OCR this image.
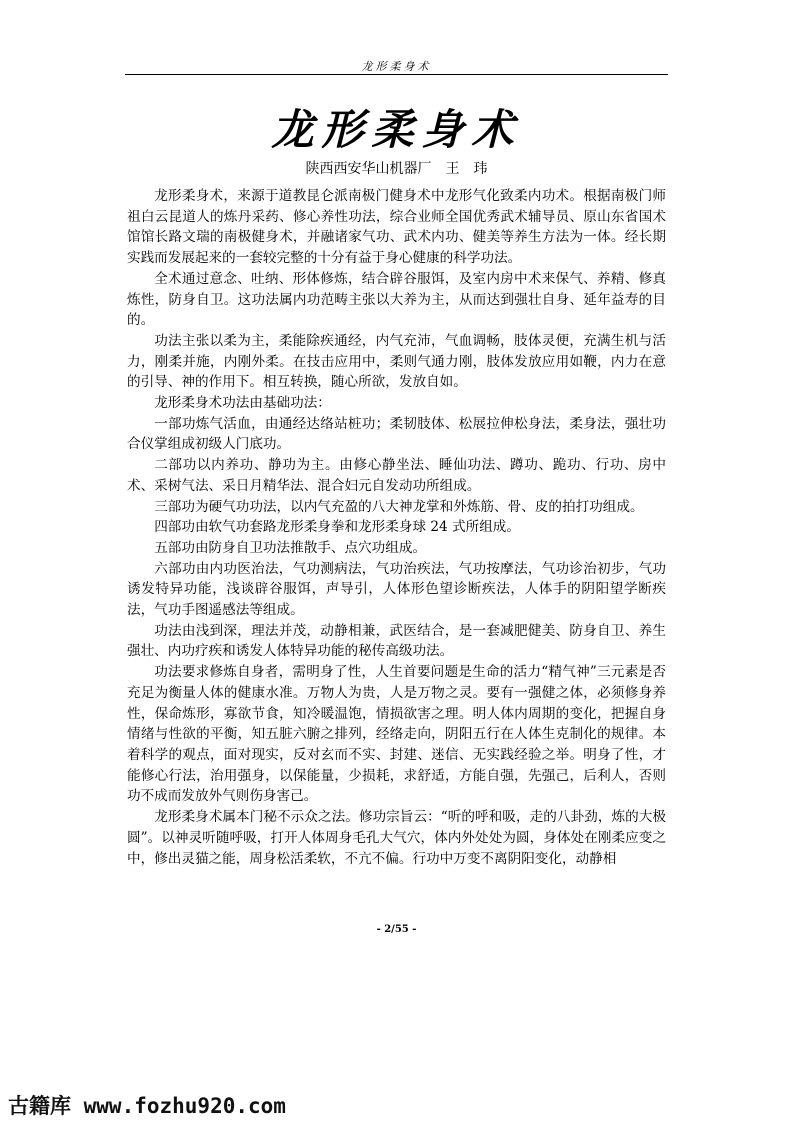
龙形柔身术
龙形柔身术
陕西西安华山机器厂　王　玮

龙形柔身术，来源于道教昆仑派南极门健身术中龙形气化致柔内功术。根据南极门师祖白云昆道人的炼丹采药、修心养性功法，综合业师全国优秀武术辅导员、原山东省国术馆馆长路文瑞的南极健身术，并融诸家气功、武术内功、健美等养生方法为一体。经长期实践而发展起来的一套较完整的十分有益于身心健康的科学功法。

全术通过意念、吐纳、形体修炼，结合辟谷服饵，及室内房中术来保气、养精、修真炼性，防身自卫。这功法属内功范畴主张以大养为主，从而达到强壮自身、延年益寿的目的。

功法主张以柔为主，柔能除疾通经，内气充沛，气血调畅，肢体灵便，充满生机与活力，刚柔并施，内刚外柔。在技击应用中，柔则气通力刚，肢体发放应用如鞭，内力在意的引导、神的作用下。相互转换，随心所欲，发放自如。

龙形柔身术功法由基础功法：

一部功炼气活血，由通经达络站桩功；柔韧肢体、松展拉伸松身法，柔身法，强壮功合仪掌组成初级人门底功。

二部功以内养功、静功为主。由修心静坐法、睡仙功法、蹲功、跪功、行功、房中术、采树气法、采日月精华法、混合妇元自发动功所组成。

三部功为硬气功功法，以内气充盈的八大神龙掌和外炼筋、骨、皮的拍打功组成。

四部功由软气功套路龙形柔身拳和龙形柔身球 24 式所组成。

五部功由防身自卫功法推散手、点穴功组成。

六部功由内功医治法，气功测病法，气功治疾法，气功按摩法，气功诊治初步，气功诱发特异功能，浅谈辟谷服饵，声导引，人体形色望诊断疾法，人体手的阴阳望学断疾法，气功手图遥感法等组成。

功法由浅到深，理法并茂，动静相兼，武医结合，是一套减肥健美、防身自卫、养生强壮、内功疗疾和诱发人体特异功能的秘传高级功法。

功法要求修炼自身者，需明身了性，人生首要问题是生命的活力“精气神”三元素是否充足为衡量人体的健康水准。万物人为贵，人是万物之灵。要有一强健之体，必须修身养性，保命炼形，寡欲节食，知冷暖温饱，情损欲害之理。明人体内周期的变化，把握自身情绪与性欲的平衡，知五脏六腑之排列，经络走向，阴阳五行在人体生克制化的规律。本着科学的观点，面对现实，反对玄而不实、封建、迷信、无实践经验之举。明身了性，才能修心行法，治用强身，以保能量，少损耗，求舒适，方能自强，先强己，后利人，否则功不成而发放外气则伤身害己。

龙形柔身术属本门秘不示众之法。修功宗旨云：“听的呼和吸，走的八卦劲，炼的大极圆”。以神灵听随呼吸，打开人体周身毛孔大气穴，体内外处处为圆，身体处在刚柔应变之中，修出灵猫之能，周身松活柔软，不亢不偏。行功中万变不离阴阳变化，动静相

- 2/55 -
古籍库 www.fozhu920.com
